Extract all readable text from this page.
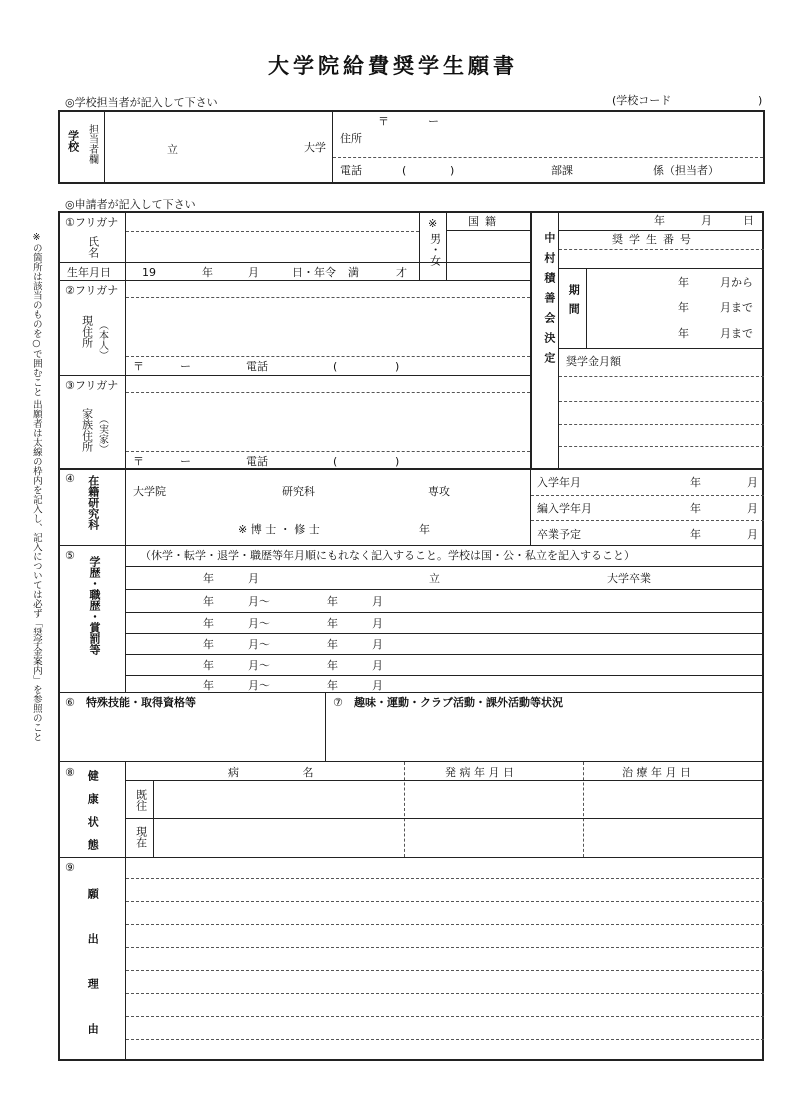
大学院給費奨学生願書
◎学校担当者が記入して下さい	(学校コード	)
学校 担当者欄	立	大学
〒	ー
住所
電話	(	)	部課	係（担当者）
◎申請者が記入して下さい
※の箇所は該当のものを○で囲むこと 出願者は太線の枠内を記入し、記入については必ず「奨学金案内」を参照のこと
①フリガナ
氏名
※
男・女
国籍
生年月日	19	年	月	日・年令 満	才
②フリガナ
現住所 （本人）
〒	ー	電話	(	)
③フリガナ
家族住所 （実家）
〒	ー	電話	(	)
中村積善会決定
年	月	日
奨学生番号
期間
年	月から
年	月まで
年	月まで
奨学金月額
④ 在籍研究科	大学院	研究科	専攻
※ 博 士 ・ 修 士	年
入学年月	年	月
編入学年月	年	月
卒業予定	年	月
⑤
学歴・職歴・賞罰等
（休学・転学・退学・職歴等年月順にもれなく記入すること。学校は国・公・私立を記入すること）
年	月	立	大学卒業
年	月〜	年	月
年	月〜	年	月
年	月〜	年	月
年	月〜	年	月
年	月〜	年	月
⑥ 特殊技能・取得資格等	⑦ 趣味・運動・クラブ活動・課外活動等状況
⑧ 健康状態	病 名	発 病 年 月 日	治 療 年 月 日
既往
現在
⑨
願出理由
